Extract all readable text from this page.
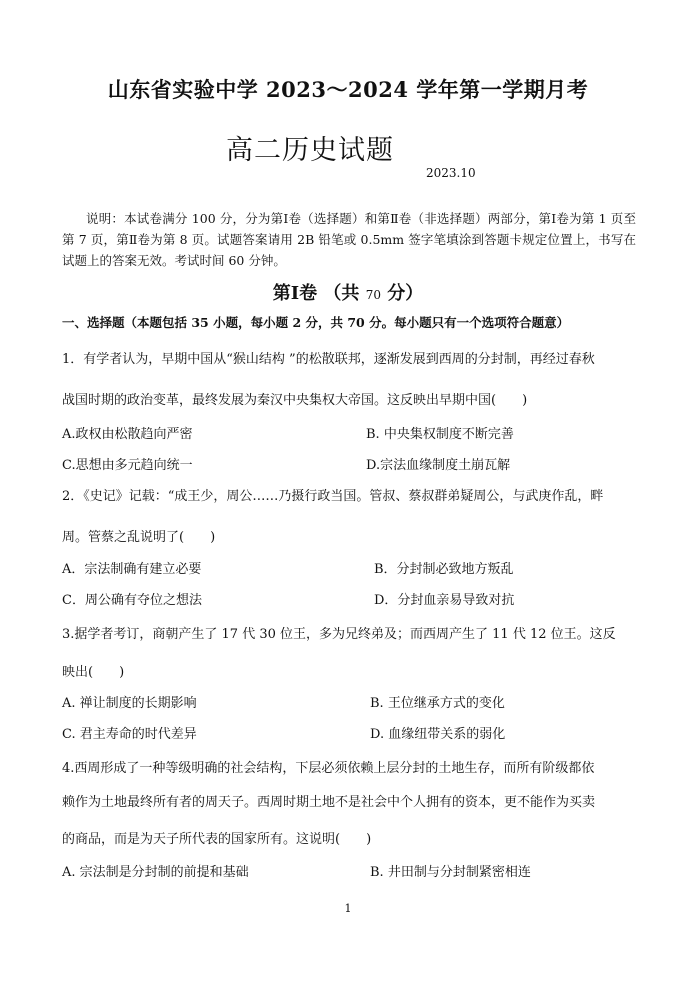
山东省实验中学 2023～2024 学年第一学期月考
高二历史试题
2023.10
说明：本试卷满分 100 分，分为第Ⅰ卷（选择题）和第Ⅱ卷（非选择题）两部分，第Ⅰ卷为第 1 页至第 7 页，第Ⅱ卷为第 8 页。试题答案请用 2B 铅笔或 0.5mm 签字笔填涂到答题卡规定位置上，书写在试题上的答案无效。考试时间 60 分钟。
第Ⅰ卷 （共 70 分）
一、选择题（本题包括 35 小题，每小题 2 分，共 70 分。每小题只有一个选项符合题意）
1．有学者认为，早期中国从“猴山结构 ”的松散联邦，逐渐发展到西周的分封制，再经过春秋
战国时期的政治变革，最终发展为秦汉中央集权大帝国。这反映出早期中国(　　)
A.政权由松散趋向严密	B. 中央集权制度不断完善
C.思想由多元趋向统一	D.宗法血缘制度土崩瓦解
2．《史记》记载：“成王少，周公……乃摄行政当国。管叔、蔡叔群弟疑周公，与武庚作乱，畔
周。管蔡之乱说明了(　　)
A．宗法制确有建立必要	B．分封制必致地方叛乱
C．周公确有夺位之想法	D．分封血亲易导致对抗
3.据学者考订，商朝产生了 17 代 30 位王，多为兄终弟及；而西周产生了 11 代 12 位王。这反
映出(　　)
A. 禅让制度的长期影响	B. 王位继承方式的变化
C. 君主寿命的时代差异	D. 血缘纽带关系的弱化
4.西周形成了一种等级明确的社会结构，下层必须依赖上层分封的土地生存，而所有阶级都依
赖作为土地最终所有者的周天子。西周时期土地不是社会中个人拥有的资本，更不能作为买卖
的商品，而是为天子所代表的国家所有。这说明(　　)
A. 宗法制是分封制的前提和基础	B. 井田制与分封制紧密相连
1
